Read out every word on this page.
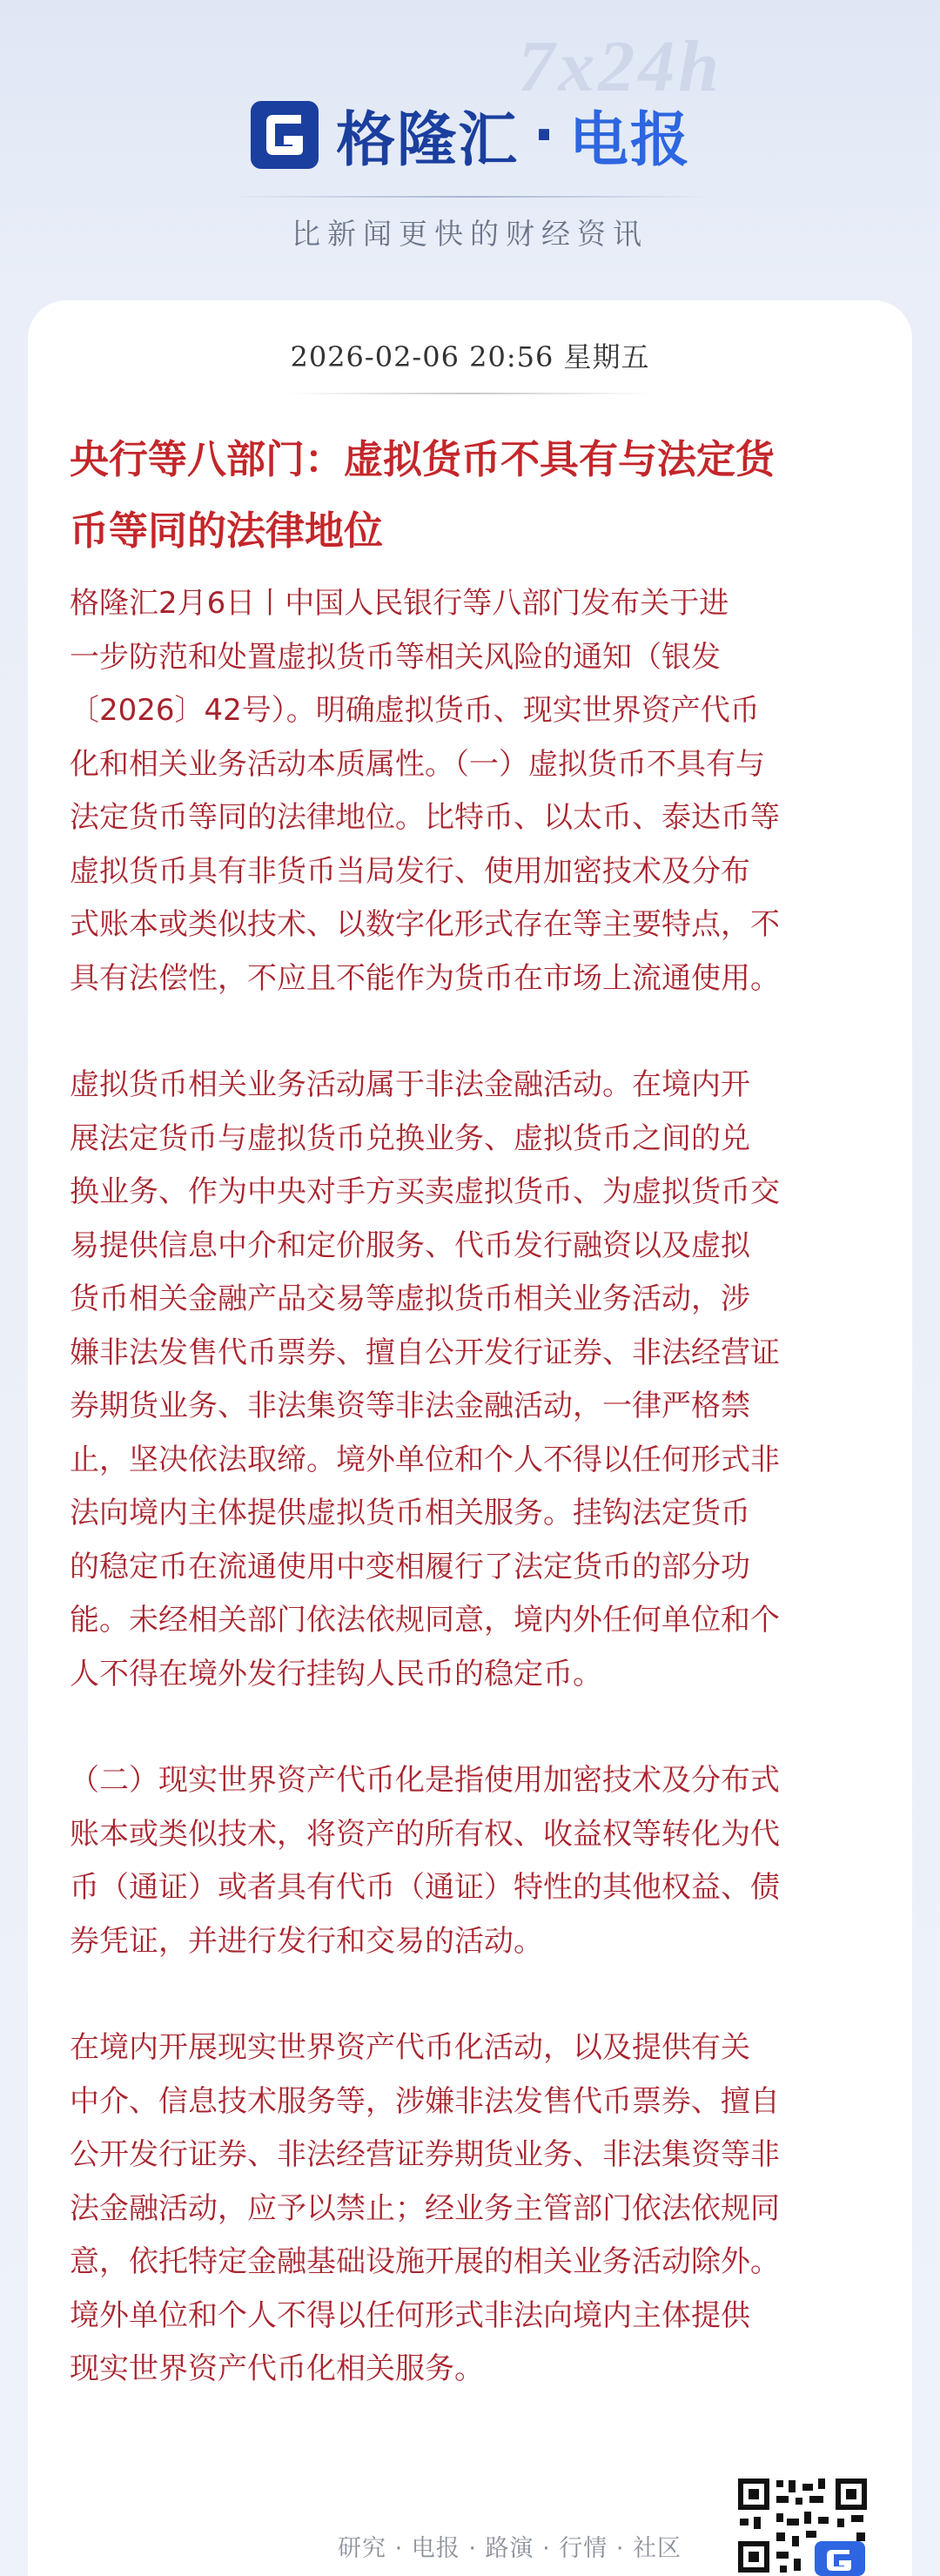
7x24h
格隆汇 · 电报
比新闻更快的财经资讯
2026-02-06 20:56 星期五
央行等八部门：虚拟货币不具有与法定货
币等同的法律地位
格隆汇2月6日丨中国人民银行等八部门发布关于进
一步防范和处置虚拟货币等相关风险的通知（银发
〔2026〕42号）。明确虚拟货币、现实世界资产代币
化和相关业务活动本质属性。（一）虚拟货币不具有与
法定货币等同的法律地位。比特币、以太币、泰达币等
虚拟货币具有非货币当局发行、使用加密技术及分布
式账本或类似技术、以数字化形式存在等主要特点，不
具有法偿性，不应且不能作为货币在市场上流通使用。
虚拟货币相关业务活动属于非法金融活动。在境内开
展法定货币与虚拟货币兑换业务、虚拟货币之间的兑
换业务、作为中央对手方买卖虚拟货币、为虚拟货币交
易提供信息中介和定价服务、代币发行融资以及虚拟
货币相关金融产品交易等虚拟货币相关业务活动，涉
嫌非法发售代币票券、擅自公开发行证券、非法经营证
券期货业务、非法集资等非法金融活动，一律严格禁
止，坚决依法取缔。境外单位和个人不得以任何形式非
法向境内主体提供虚拟货币相关服务。挂钩法定货币
的稳定币在流通使用中变相履行了法定货币的部分功
能。未经相关部门依法依规同意，境内外任何单位和个
人不得在境外发行挂钩人民币的稳定币。
（二）现实世界资产代币化是指使用加密技术及分布式
账本或类似技术，将资产的所有权、收益权等转化为代
币（通证）或者具有代币（通证）特性的其他权益、债
券凭证，并进行发行和交易的活动。
在境内开展现实世界资产代币化活动，以及提供有关
中介、信息技术服务等，涉嫌非法发售代币票券、擅自
公开发行证券、非法经营证券期货业务、非法集资等非
法金融活动，应予以禁止；经业务主管部门依法依规同
意，依托特定金融基础设施开展的相关业务活动除外。
境外单位和个人不得以任何形式非法向境内主体提供
现实世界资产代币化相关服务。
研究 · 电报 · 路演 · 行情 · 社区
